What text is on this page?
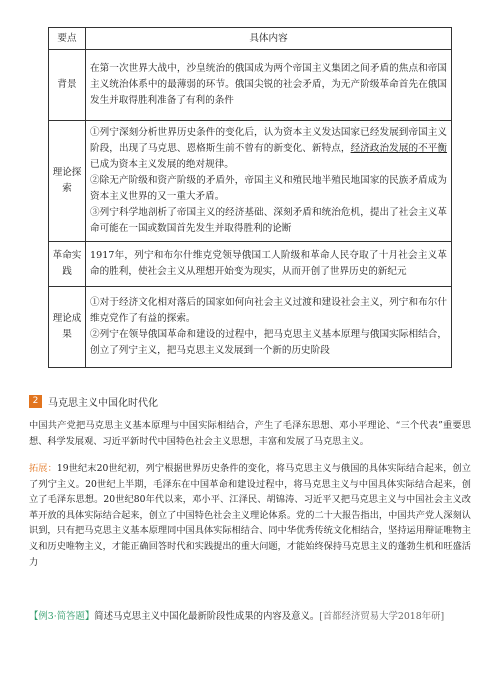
要点	具体内容
背景	在第一次世界大战中，沙皇统治的俄国成为两个帝国主义集团之间矛盾的焦点和帝国主义统治体系中的最薄弱的环节。俄国尖锐的社会矛盾，为无产阶级革命首先在俄国发生并取得胜利准备了有利的条件

理论探索	①列宁深刻分析世界历史条件的变化后，认为资本主义发达国家已经发展到帝国主义阶段，出现了马克思、恩格斯生前不曾有的新变化、新特点，经济政治发展的不平衡已成为资本主义发展的绝对规律。
②除无产阶级和资产阶级的矛盾外，帝国主义和殖民地半殖民地国家的民族矛盾成为资本主义世界的又一重大矛盾。
③列宁科学地剖析了帝国主义的经济基础、深刻矛盾和统治危机，提出了社会主义革命可能在一国或数国首先发生并取得胜利的论断

革命实践	1917年，列宁和布尔什维克党领导俄国工人阶级和革命人民夺取了十月社会主义革命的胜利，使社会主义从理想开始变为现实，从而开创了世界历史的新纪元

理论成果	①对于经济文化相对落后的国家如何向社会主义过渡和建设社会主义，列宁和布尔什维克党作了有益的探索。
②列宁在领导俄国革命和建设的过程中，把马克思主义基本原理与俄国实际相结合，创立了列宁主义，把马克思主义发展到一个新的历史阶段
2 马克思主义中国化时代化
中国共产党把马克思主义基本原理与中国实际相结合，产生了毛泽东思想、邓小平理论、“三个代表”重要思想、科学发展观、习近平新时代中国特色社会主义思想，丰富和发展了马克思主义。
拓展：19世纪末20世纪初，列宁根据世界历史条件的变化，将马克思主义与俄国的具体实际结合起来，创立了列宁主义。20世纪上半期，毛泽东在中国革命和建设过程中，将马克思主义与中国具体实际结合起来，创立了毛泽东思想。20世纪80年代以来，邓小平、江泽民、胡锦涛、习近平又把马克思主义与中国社会主义改革开放的具体实际结合起来，创立了中国特色社会主义理论体系。党的二十大报告指出，中国共产党人深刻认识到，只有把马克思主义基本原理同中国具体实际相结合、同中华优秀传统文化相结合，坚持运用辩证唯物主义和历史唯物主义，才能正确回答时代和实践提出的重大问题，才能始终保持马克思主义的蓬勃生机和旺盛活力
【例3·简答题】简述马克思主义中国化最新阶段性成果的内容及意义。[首都经济贸易大学2018年研]
